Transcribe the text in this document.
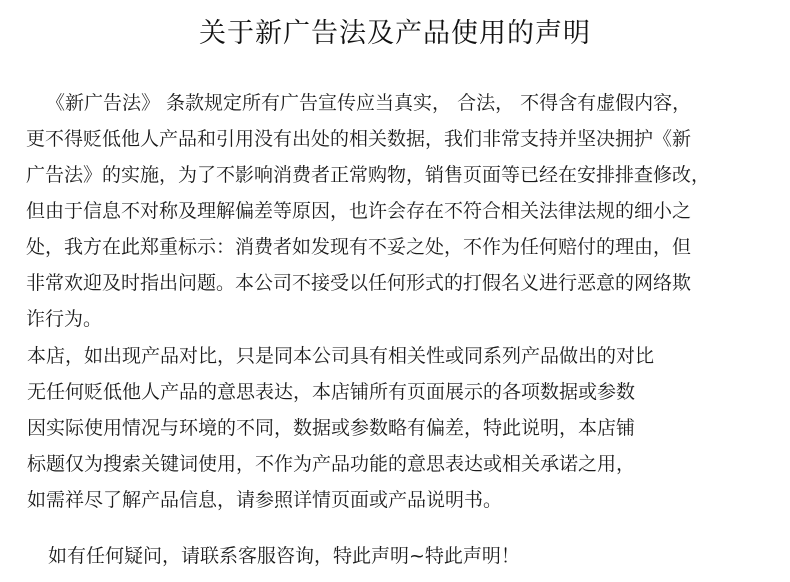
关于新广告法及产品使用的声明
《新广告法》 条款规定所有广告宣传应当真实， 合法， 不得含有虚假内容，
更不得贬低他人产品和引用没有出处的相关数据，我们非常支持并坚决拥护《新
广告法》的实施，为了不影响消费者正常购物，销售页面等已经在安排排查修改，
但由于信息不对称及理解偏差等原因，也许会存在不符合相关法律法规的细小之
处，我方在此郑重标示：消费者如发现有不妥之处，不作为任何赔付的理由，但
非常欢迎及时指出问题。本公司不接受以任何形式的打假名义进行恶意的网络欺
诈行为。
本店，如出现产品对比，只是同本公司具有相关性或同系列产品做出的对比
无任何贬低他人产品的意思表达，本店铺所有页面展示的各项数据或参数
因实际使用情况与环境的不同，数据或参数略有偏差，特此说明，本店铺
标题仅为搜索关键词使用，不作为产品功能的意思表达或相关承诺之用，
如需祥尽了解产品信息，请参照详情页面或产品说明书。
如有任何疑问，请联系客服咨询，特此声明~特此声明！
